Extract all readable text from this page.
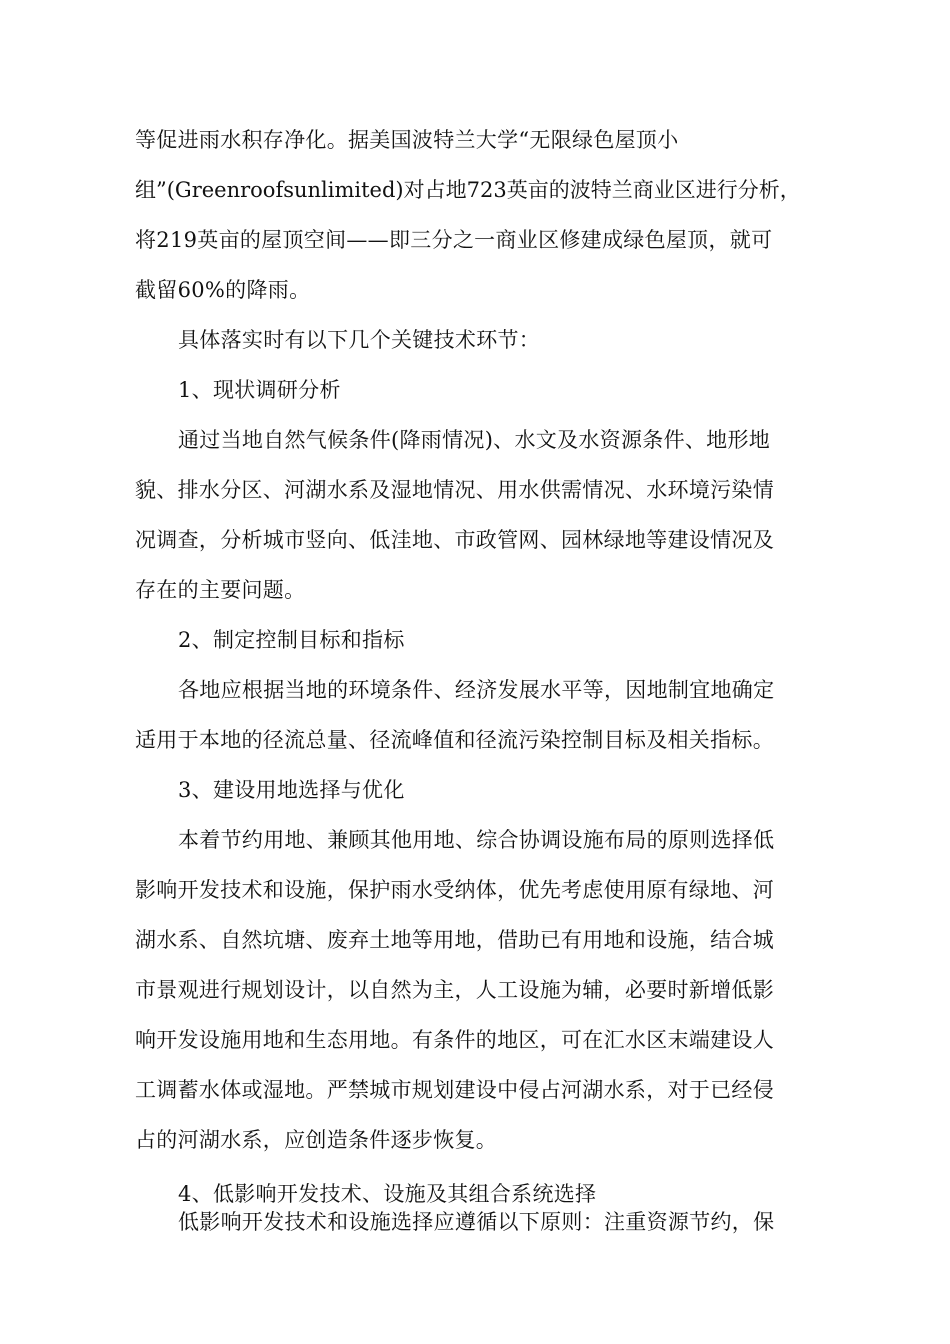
等促进雨水积存净化。据美国波特兰大学“无限绿色屋顶小
组”(Greenroofsunlimited)对占地723英亩的波特兰商业区进行分析，
将219英亩的屋顶空间——即三分之一商业区修建成绿色屋顶，就可
截留60%的降雨。
具体落实时有以下几个关键技术环节：
1、现状调研分析
通过当地自然气候条件(降雨情况)、水文及水资源条件、地形地
貌、排水分区、河湖水系及湿地情况、用水供需情况、水环境污染情
况调查，分析城市竖向、低洼地、市政管网、园林绿地等建设情况及
存在的主要问题。
2、制定控制目标和指标
各地应根据当地的环境条件、经济发展水平等，因地制宜地确定
适用于本地的径流总量、径流峰值和径流污染控制目标及相关指标。
3、建设用地选择与优化
本着节约用地、兼顾其他用地、综合协调设施布局的原则选择低
影响开发技术和设施，保护雨水受纳体，优先考虑使用原有绿地、河
湖水系、自然坑塘、废弃土地等用地，借助已有用地和设施，结合城
市景观进行规划设计，以自然为主，人工设施为辅，必要时新增低影
响开发设施用地和生态用地。有条件的地区，可在汇水区末端建设人
工调蓄水体或湿地。严禁城市规划建设中侵占河湖水系，对于已经侵
占的河湖水系，应创造条件逐步恢复。
4、低影响开发技术、设施及其组合系统选择
低影响开发技术和设施选择应遵循以下原则：注重资源节约，保
